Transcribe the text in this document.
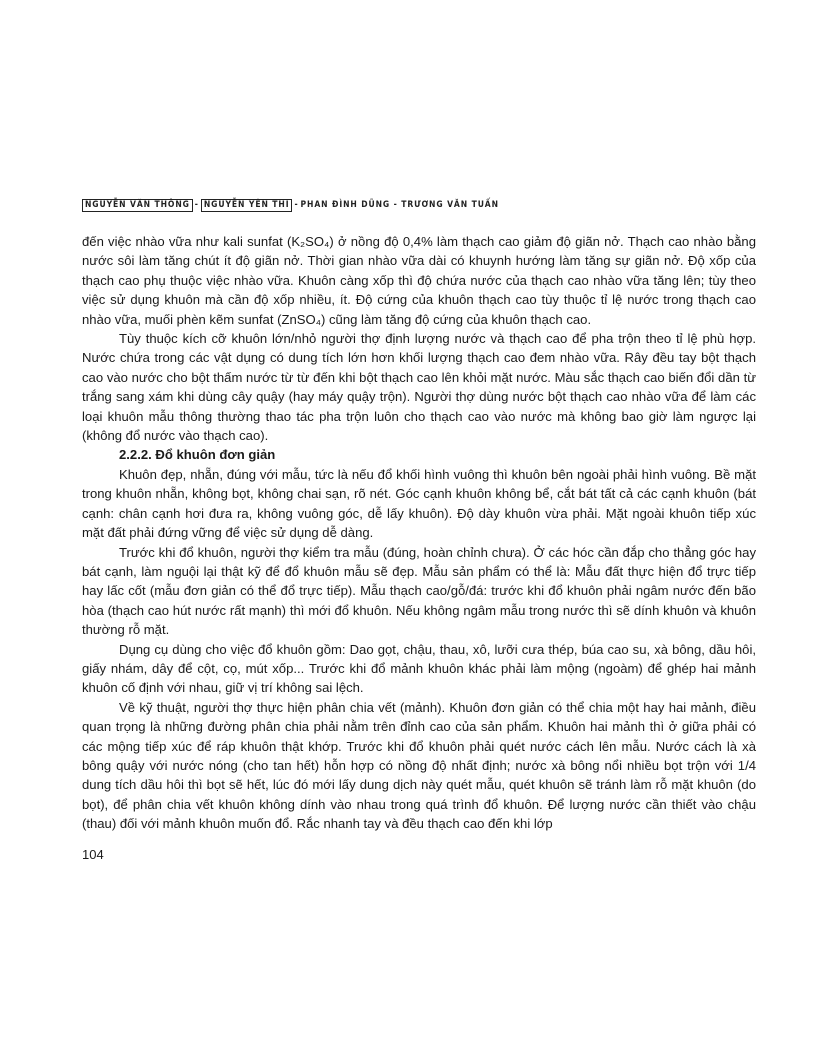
NGUYỄN VĂN THÔNG - NGUYỄN YÊN THI - PHAN ĐÌNH DŨNG - TRƯƠNG VĂN TUẤN

đến việc nhào vữa như kali sunfat (K₂SO₄) ở nồng độ 0,4% làm thạch cao giảm độ giãn nở. Thạch cao nhào bằng nước sôi làm tăng chút ít độ giãn nở. Thời gian nhào vữa dài có khuynh hướng làm tăng sự giãn nở. Độ xốp của thạch cao phụ thuộc việc nhào vữa. Khuôn càng xốp thì độ chứa nước của thạch cao nhào vữa tăng lên; tùy theo việc sử dụng khuôn mà cần độ xốp nhiều, ít. Độ cứng của khuôn thạch cao tùy thuộc tỉ lệ nước trong thạch cao nhào vữa, muối phèn kẽm sunfat (ZnSO₄) cũng làm tăng độ cứng của khuôn thạch cao.

Tùy thuộc kích cỡ khuôn lớn/nhỏ người thợ định lượng nước và thạch cao để pha trộn theo tỉ lệ phù hợp. Nước chứa trong các vật dụng có dung tích lớn hơn khối lượng thạch cao đem nhào vữa. Rây đều tay bột thạch cao vào nước cho bột thấm nước từ từ đến khi bột thạch cao lên khỏi mặt nước. Màu sắc thạch cao biến đổi dần từ trắng sang xám khi dùng cây quậy (hay máy quậy trộn). Người thợ dùng nước bột thạch cao nhào vữa để làm các loại khuôn mẫu thông thường thao tác pha trộn luôn cho thạch cao vào nước mà không bao giờ làm ngược lại (không đổ nước vào thạch cao).

2.2.2. Đổ khuôn đơn giản

Khuôn đẹp, nhẵn, đúng với mẫu, tức là nếu đổ khối hình vuông thì khuôn bên ngoài phải hình vuông. Bề mặt trong khuôn nhẵn, không bọt, không chai sạn, rõ nét. Góc cạnh khuôn không bể, cắt bát tất cả các cạnh khuôn (bát cạnh: chân cạnh hơi đưa ra, không vuông góc, dễ lấy khuôn). Độ dày khuôn vừa phải. Mặt ngoài khuôn tiếp xúc mặt đất phải đứng vững để việc sử dụng dễ dàng.

Trước khi đổ khuôn, người thợ kiểm tra mẫu (đúng, hoàn chỉnh chưa). Ở các hóc cần đắp cho thẳng góc hay bát cạnh, làm nguội lại thật kỹ để đổ khuôn mẫu sẽ đẹp. Mẫu sản phẩm có thể là: Mẫu đất thực hiện đổ trực tiếp hay lấc cốt (mẫu đơn giản có thể đổ trực tiếp). Mẫu thạch cao/gỗ/đá: trước khi đổ khuôn phải ngâm nước đến bão hòa (thạch cao hút nước rất mạnh) thì mới đổ khuôn. Nếu không ngâm mẫu trong nước thì sẽ dính khuôn và khuôn thường rỗ mặt.

Dụng cụ dùng cho việc đổ khuôn gồm: Dao gọt, chậu, thau, xô, lưỡi cưa thép, búa cao su, xà bông, dầu hôi, giấy nhám, dây để cột, cọ, mút xốp... Trước khi đổ mảnh khuôn khác phải làm mộng (ngoàm) để ghép hai mảnh khuôn cố định với nhau, giữ vị trí không sai lệch.

Về kỹ thuật, người thợ thực hiện phân chia vết (mảnh). Khuôn đơn giản có thể chia một hay hai mảnh, điều quan trọng là những đường phân chia phải nằm trên đỉnh cao của sản phẩm. Khuôn hai mảnh thì ở giữa phải có các mộng tiếp xúc để ráp khuôn thật khớp. Trước khi đổ khuôn phải quét nước cách lên mẫu. Nước cách là xà bông quậy với nước nóng (cho tan hết) hỗn hợp có nồng độ nhất định; nước xà bông nổi nhiều bọt trộn với 1/4 dung tích dầu hôi thì bọt sẽ hết, lúc đó mới lấy dung dịch này quét mẫu, quét khuôn sẽ tránh làm rỗ mặt khuôn (do bọt), để phân chia vết khuôn không dính vào nhau trong quá trình đổ khuôn. Để lượng nước cần thiết vào chậu (thau) đối với mảnh khuôn muốn đổ. Rắc nhanh tay và đều thạch cao đến khi lớp

104
